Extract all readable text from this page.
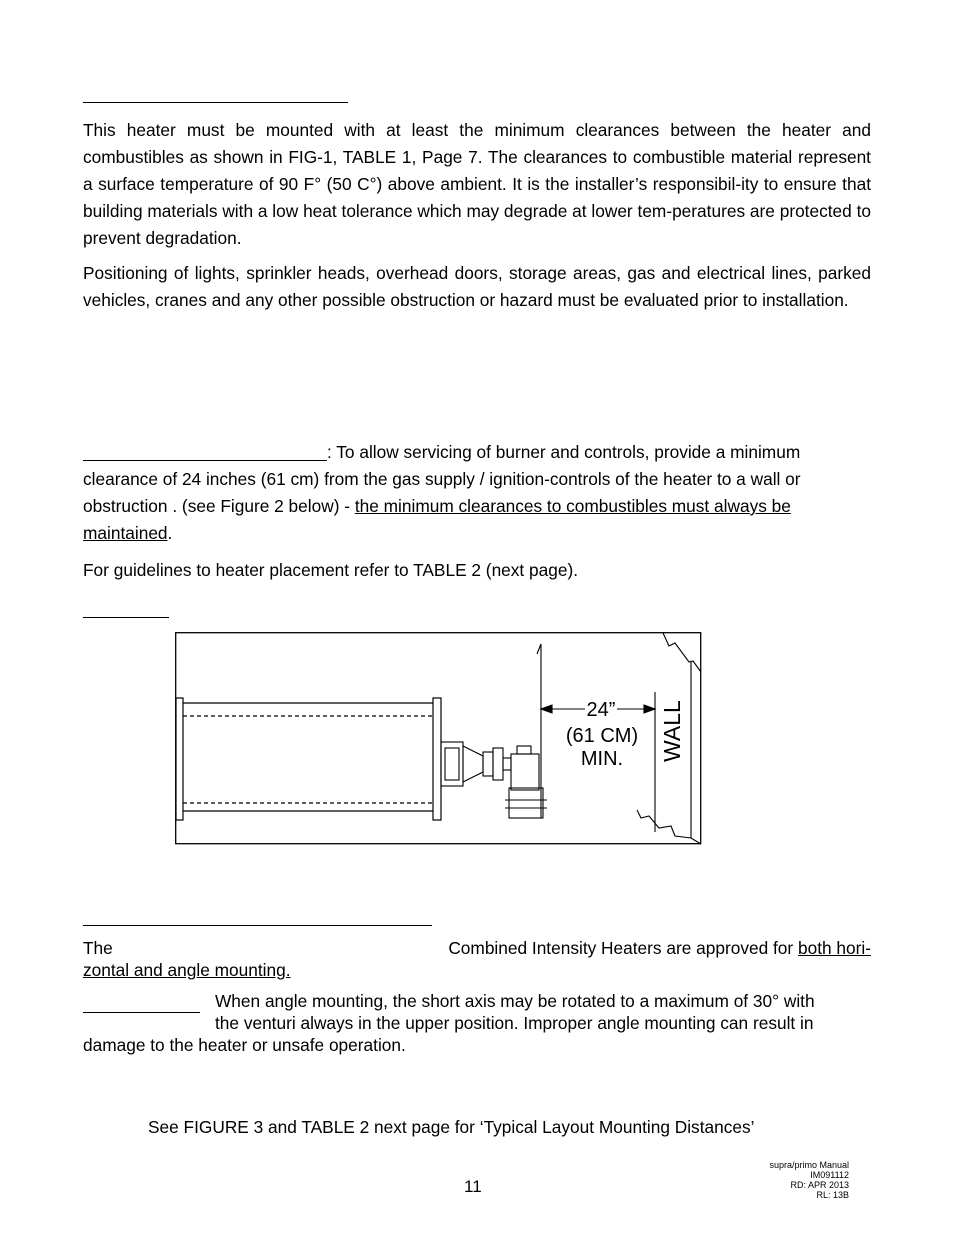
This heater must be mounted with at least the minimum clearances between the heater and combustibles as shown in FIG-1, TABLE 1, Page 7. The clearances to combustible material represent a surface temperature of 90 F° (50 C°) above ambient. It is the installer’s responsibil-ity to ensure that building materials with a low heat tolerance which may degrade at lower tem-peratures are protected to prevent degradation.

Positioning of lights, sprinkler heads, overhead doors, storage areas, gas and electrical lines, parked vehicles, cranes and any other possible obstruction or hazard must be evaluated prior to installation.

: To allow servicing of burner and controls, provide a minimum
clearance of 24 inches (61 cm) from the gas supply / ignition-controls of the heater to a wall or
obstruction . (see Figure 2 below) - the minimum clearances to combustibles must always be
maintained.

For guidelines to heater placement refer to TABLE 2 (next page).

24”
(61 CM)
MIN. WALL
The	Combined Intensity Heaters are approved for both hori-
zontal and angle mounting.
When angle mounting, the short axis may be rotated to a maximum of 30° with
the venturi always in the upper position. Improper angle mounting can result in
damage to the heater or unsafe operation.
See FIGURE 3 and TABLE 2 next page for ‘Typical Layout Mounting Distances’
11
supra/primo Manual
IM091112
RD: APR 2013
RL: 13B
